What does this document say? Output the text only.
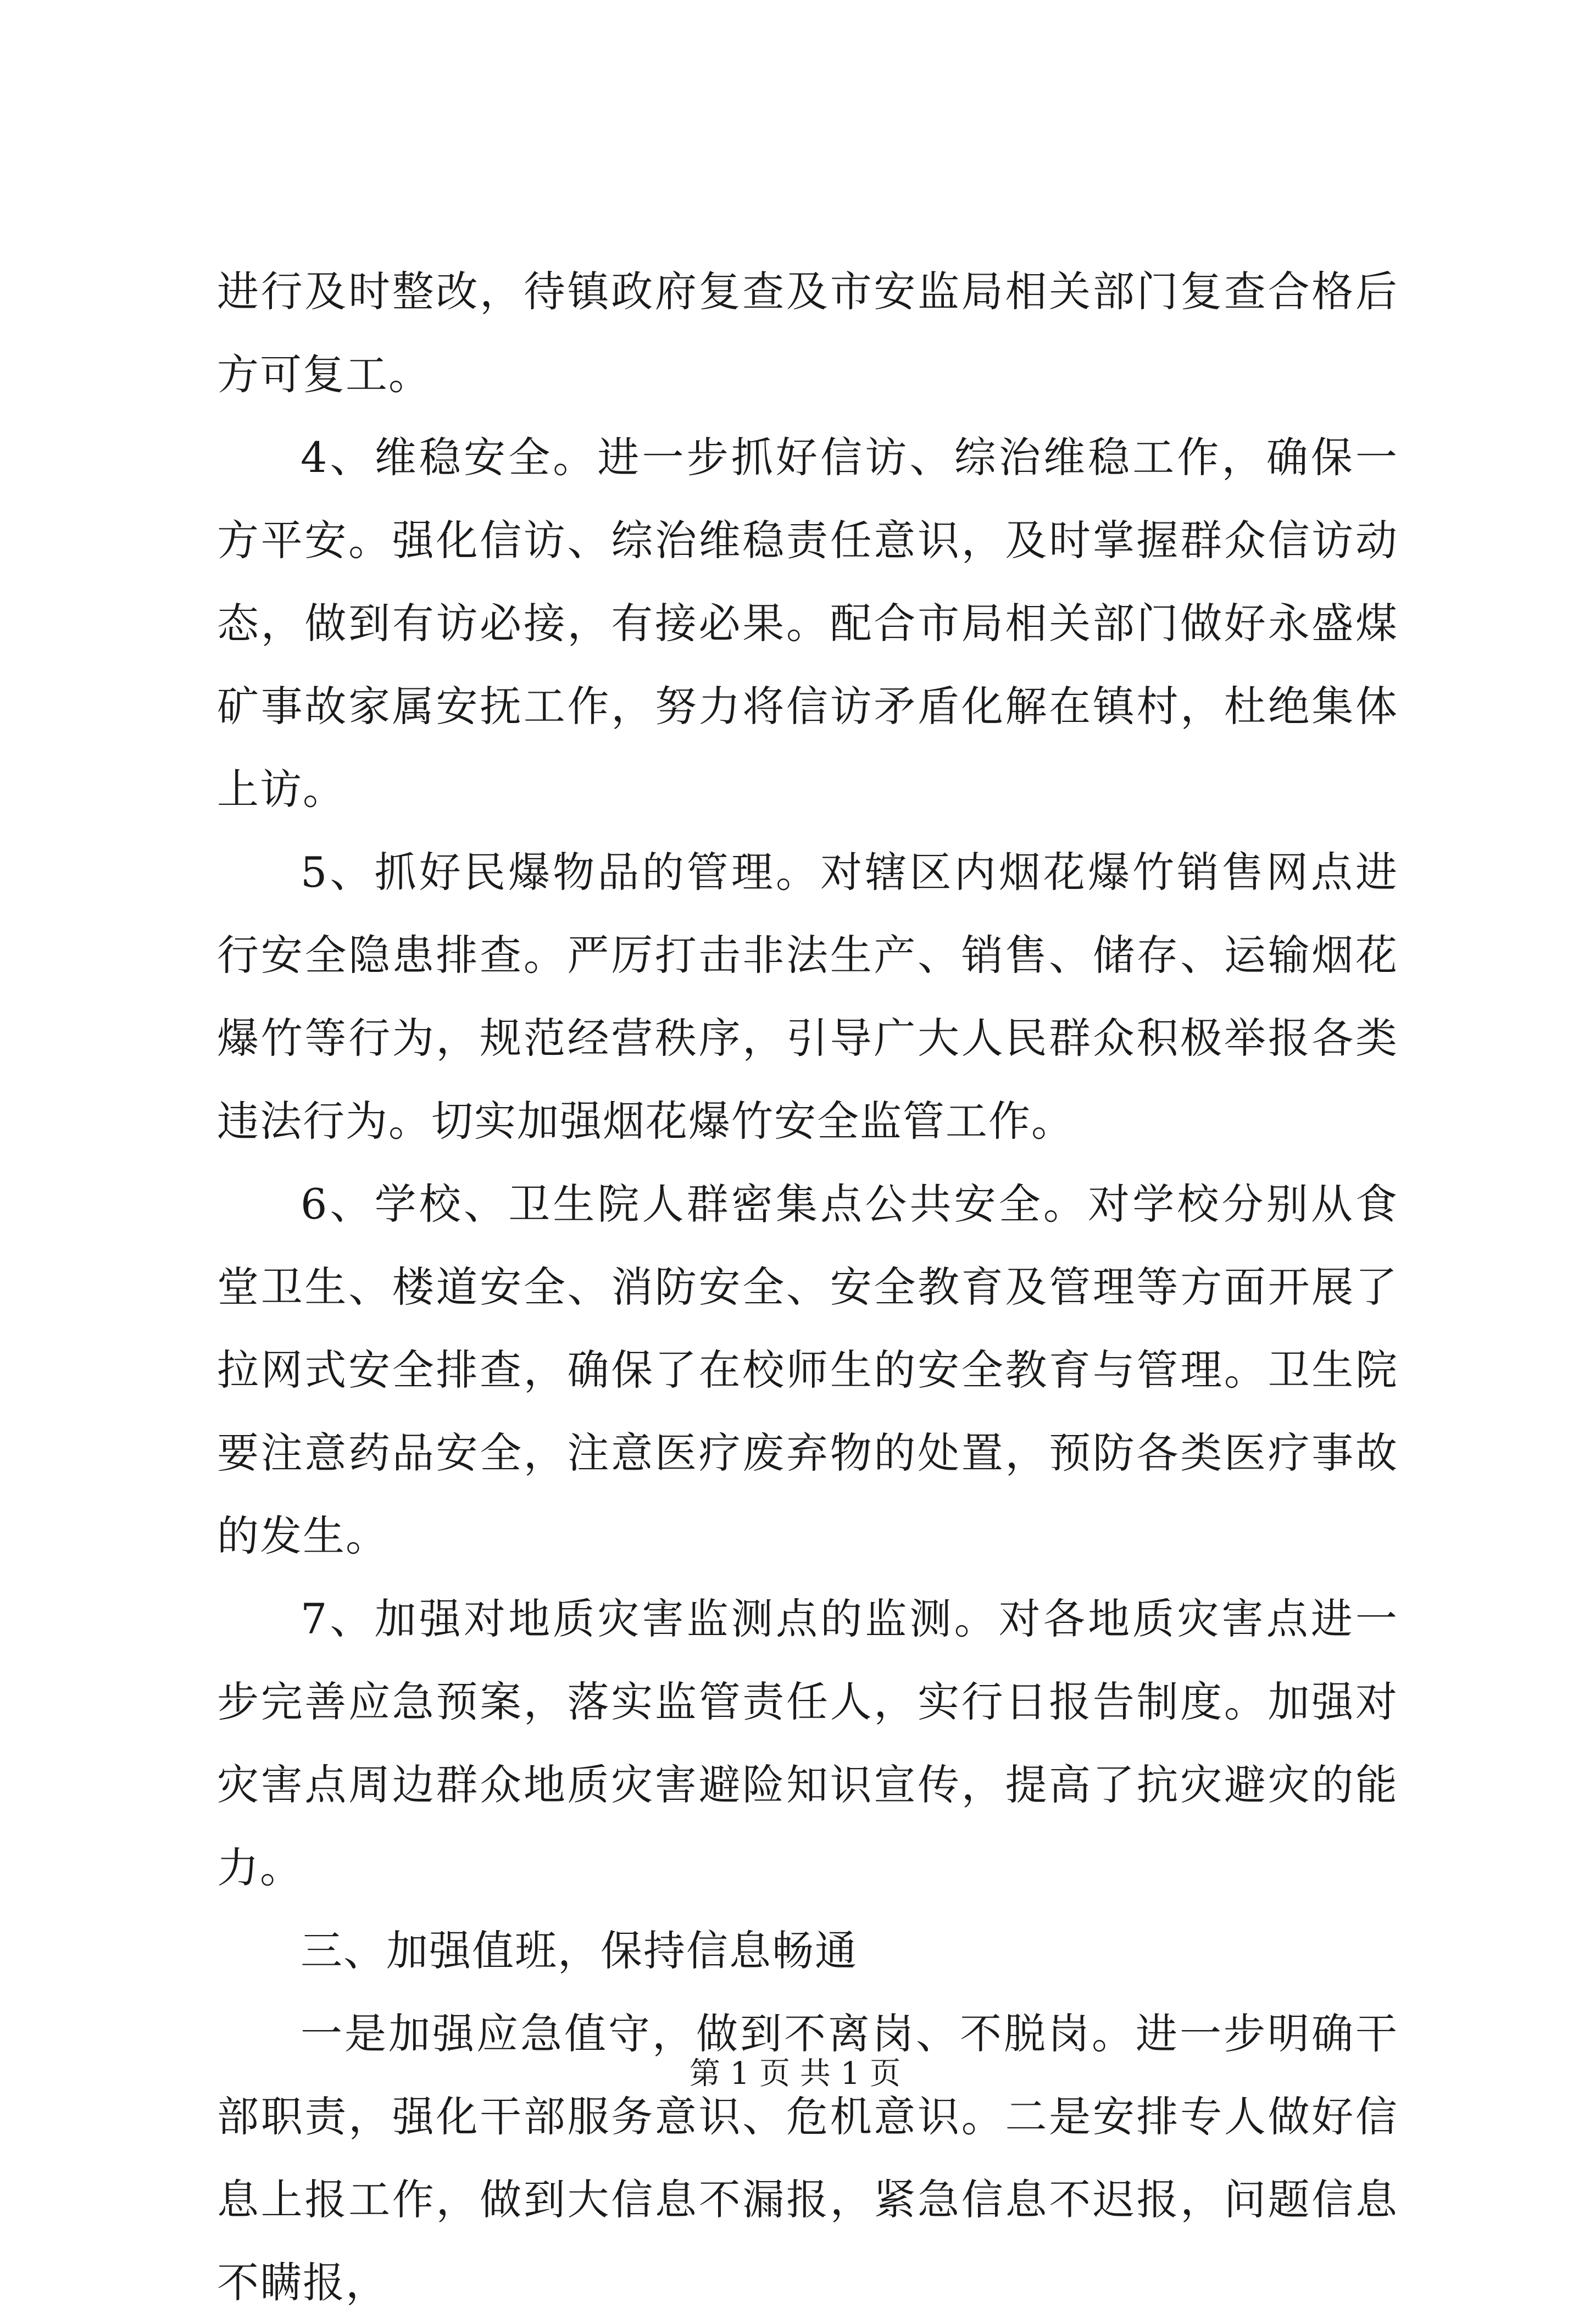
进行及时整改，待镇政府复查及市安监局相关部门复查合格后方可复工。

4、维稳安全。进一步抓好信访、综治维稳工作，确保一方平安。强化信访、综治维稳责任意识，及时掌握群众信访动态，做到有访必接，有接必果。配合市局相关部门做好永盛煤矿事故家属安抚工作，努力将信访矛盾化解在镇村，杜绝集体上访。

5、抓好民爆物品的管理。对辖区内烟花爆竹销售网点进行安全隐患排查。严厉打击非法生产、销售、储存、运输烟花爆竹等行为，规范经营秩序，引导广大人民群众积极举报各类违法行为。切实加强烟花爆竹安全监管工作。

6、学校、卫生院人群密集点公共安全。对学校分别从食堂卫生、楼道安全、消防安全、安全教育及管理等方面开展了拉网式安全排查，确保了在校师生的安全教育与管理。卫生院要注意药品安全，注意医疗废弃物的处置，预防各类医疗事故的发生。

7、加强对地质灾害监测点的监测。对各地质灾害点进一步完善应急预案，落实监管责任人，实行日报告制度。加强对灾害点周边群众地质灾害避险知识宣传，提高了抗灾避灾的能力。

三、加强值班，保持信息畅通

一是加强应急值守，做到不离岗、不脱岗。进一步明确干部职责，强化干部服务意识、危机意识。二是安排专人做好信息上报工作，做到大信息不漏报，紧急信息不迟报，问题信息不瞒报，

第 1 页 共 1 页
